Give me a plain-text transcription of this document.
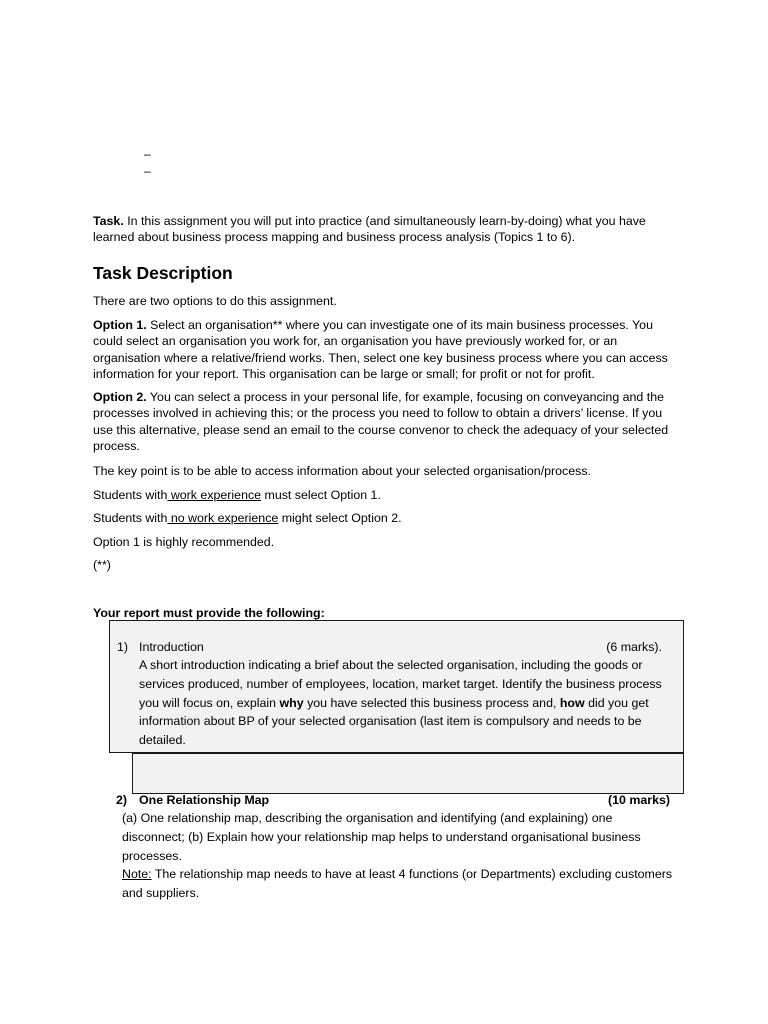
–
–
Task. In this assignment you will put into practice (and simultaneously learn-by-doing) what you have learned about business process mapping and business process analysis (Topics 1 to 6).
Task Description
There are two options to do this assignment.
Option 1. Select an organisation** where you can investigate one of its main business processes. You could select an organisation you work for, an organisation you have previously worked for, or an organisation where a relative/friend works. Then, select one key business process where you can access information for your report. This organisation can be large or small; for profit or not for profit.
Option 2. You can select a process in your personal life, for example, focusing on conveyancing and the processes involved in achieving this; or the process you need to follow to obtain a drivers’ license. If you use this alternative, please send an email to the course convenor to check the adequacy of your selected process.
The key point is to be able to access information about your selected organisation/process.
Students with work experience must select Option 1.
Students with no work experience might select Option 2.
Option 1 is highly recommended.
(**)
Your report must provide the following:
1) Introduction	(6 marks).
A short introduction indicating a brief about the selected organisation, including the goods or services produced, number of employees, location, market target. Identify the business process you will focus on, explain why you have selected this business process and, how did you get information about BP of your selected organisation (last item is compulsory and needs to be detailed.
2) One Relationship Map	(10 marks)
(a) One relationship map, describing the organisation and identifying (and explaining) one disconnect; (b) Explain how your relationship map helps to understand organisational business processes.
Note: The relationship map needs to have at least 4 functions (or Departments) excluding customers and suppliers.
